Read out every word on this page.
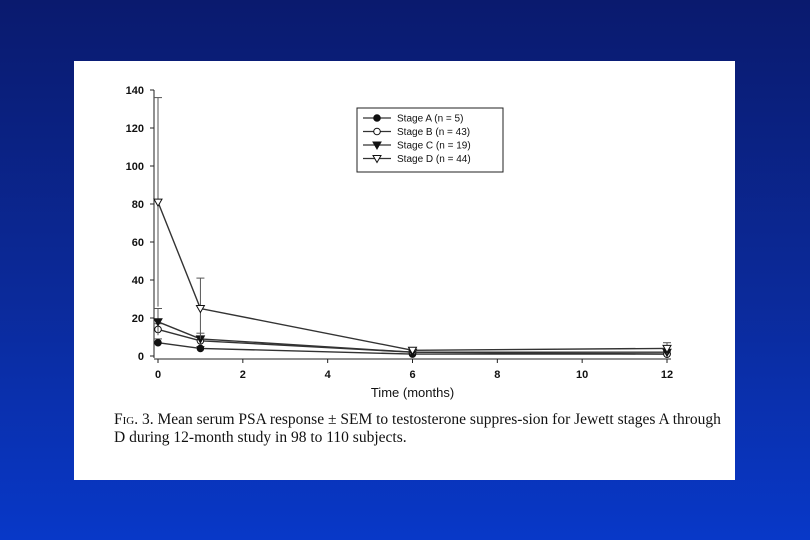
0
20
40
60
80
100
120
140
0	2	4	6	8	10	12
Time (months)
Stage A (n = 5)
Stage B (n = 43)
Stage C (n = 19)
Stage D (n = 44)

Fig. 3. Mean serum PSA response ± SEM to testosterone suppres-sion for Jewett stages A through D during 12-month study in 98 to 110 subjects.
